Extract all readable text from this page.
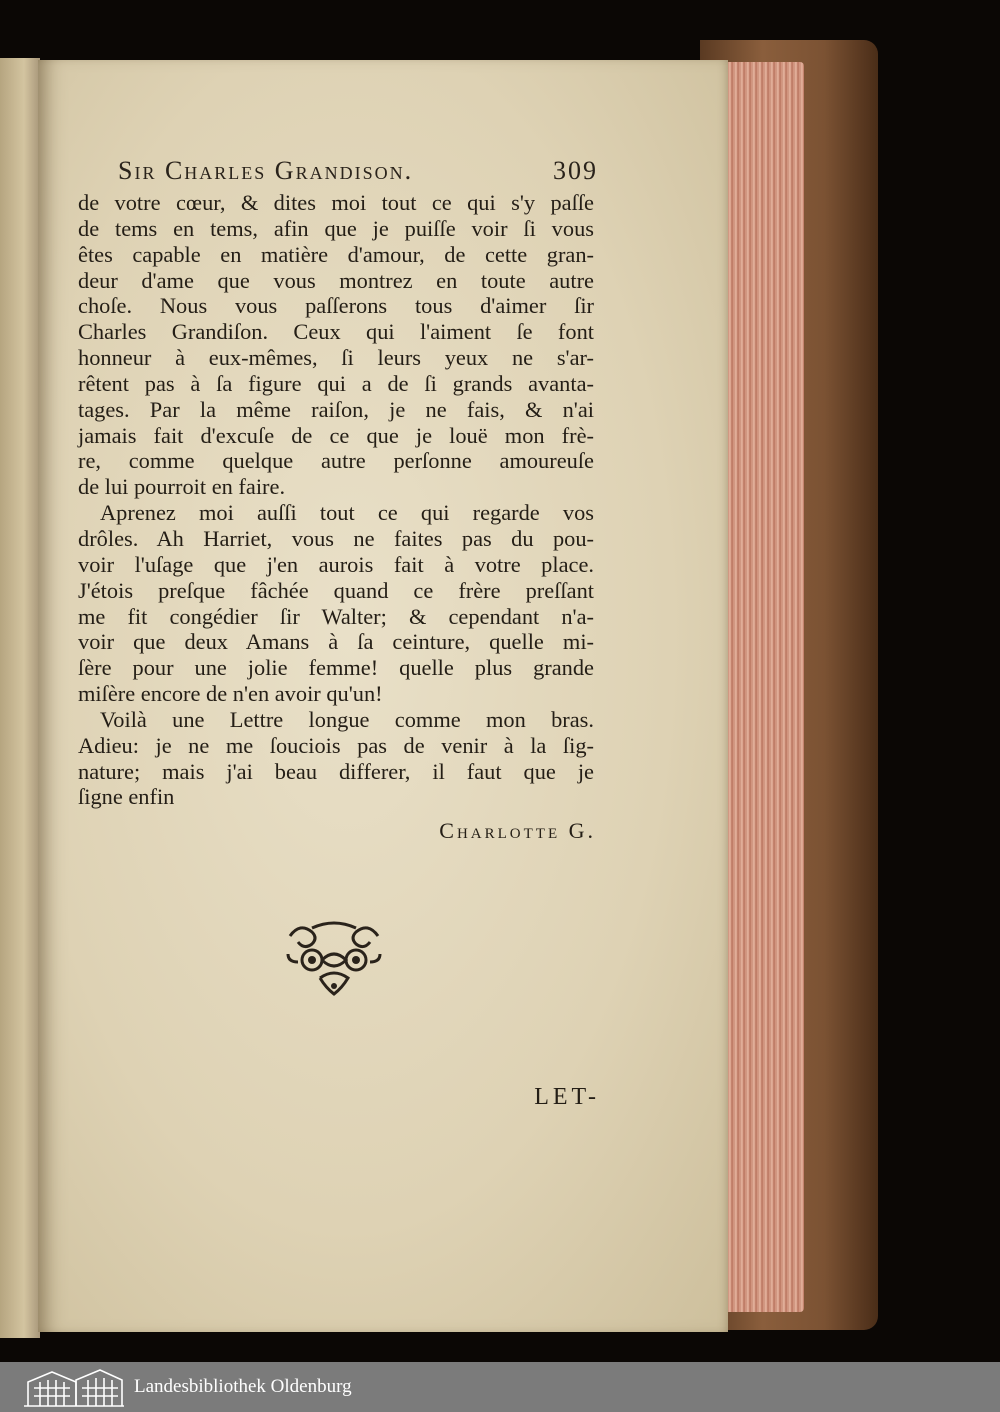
Sir Charles Grandison.	309
de votre cœur, & dites moi tout ce qui s'y paſſe
de tems en tems, afin que je puiſſe voir ſi vous
êtes capable en matière d'amour, de cette gran-
deur d'ame que vous montrez en toute autre
choſe. Nous vous paſſerons tous d'aimer ſir
Charles Grandiſon. Ceux qui l'aiment ſe font
honneur à eux-mêmes, ſi leurs yeux ne s'ar-
rêtent pas à ſa figure qui a de ſi grands avanta-
tages. Par la même raiſon, je ne fais, & n'ai
jamais fait d'excuſe de ce que je louë mon frè-
re, comme quelque autre perſonne amoureuſe
de lui pourroit en faire.
Aprenez moi auſſi tout ce qui regarde vos
drôles. Ah Harriet, vous ne faites pas du pou-
voir l'uſage que j'en aurois fait à votre place.
J'étois preſque fâchée quand ce frère preſſant
me fit congédier ſir Walter; & cependant n'a-
voir que deux Amans à ſa ceinture, quelle mi-
ſère pour une jolie femme! quelle plus grande
miſère encore de n'en avoir qu'un!
Voilà une Lettre longue comme mon bras.
Adieu: je ne me ſouciois pas de venir à la ſig-
nature; mais j'ai beau differer, il faut que je
ſigne enfin
Charlotte G.
LET-
Landesbibliothek Oldenburg
